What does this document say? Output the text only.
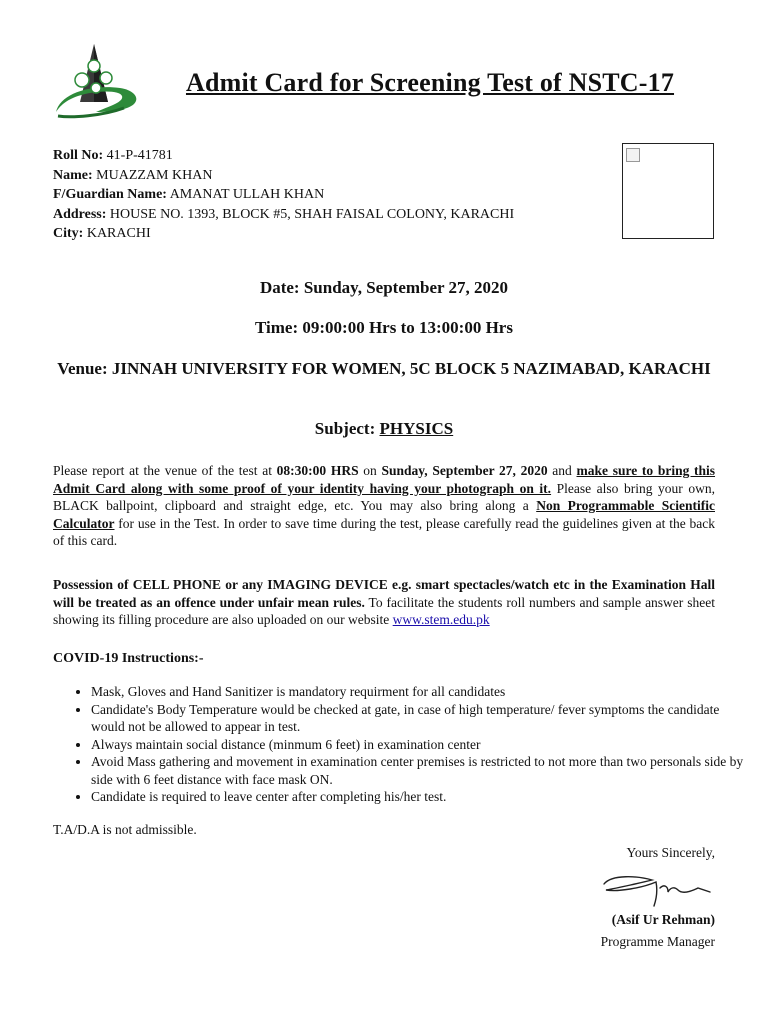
Admit Card for Screening Test of NSTC-17
Roll No: 41-P-41781
Name: MUAZZAM KHAN
F/Guardian Name: AMANAT ULLAH KHAN
Address: HOUSE NO. 1393, BLOCK #5, SHAH FAISAL COLONY, KARACHI
City: KARACHI
Date: Sunday, September 27, 2020
Time: 09:00:00 Hrs to 13:00:00 Hrs
Venue: JINNAH UNIVERSITY FOR WOMEN, 5C BLOCK 5 NAZIMABAD, KARACHI
Subject: PHYSICS
Please report at the venue of the test at 08:30:00 HRS on Sunday, September 27, 2020 and make sure to bring this Admit Card along with some proof of your identity having your photograph on it. Please also bring your own, BLACK ballpoint, clipboard and straight edge, etc. You may also bring along a Non Programmable Scientific Calculator for use in the Test. In order to save time during the test, please carefully read the guidelines given at the back of this card.
Possession of CELL PHONE or any IMAGING DEVICE e.g. smart spectacles/watch etc in the Examination Hall will be treated as an offence under unfair mean rules. To facilitate the students roll numbers and sample answer sheet showing its filling procedure are also uploaded on our website www.stem.edu.pk
COVID-19 Instructions:-
• Mask, Gloves and Hand Sanitizer is mandatory requirment for all candidates
• Candidate's Body Temperature would be checked at gate, in case of high temperature/ fever symptoms the candidate would not be allowed to appear in test.
• Always maintain social distance (minmum 6 feet) in examination center
• Avoid Mass gathering and movement in examination center premises is restricted to not more than two personals side by side with 6 feet distance with face mask ON.
• Candidate is required to leave center after completing his/her test.
T.A/D.A is not admissible.
Yours Sincerely,
(Asif Ur Rehman)
Programme Manager
